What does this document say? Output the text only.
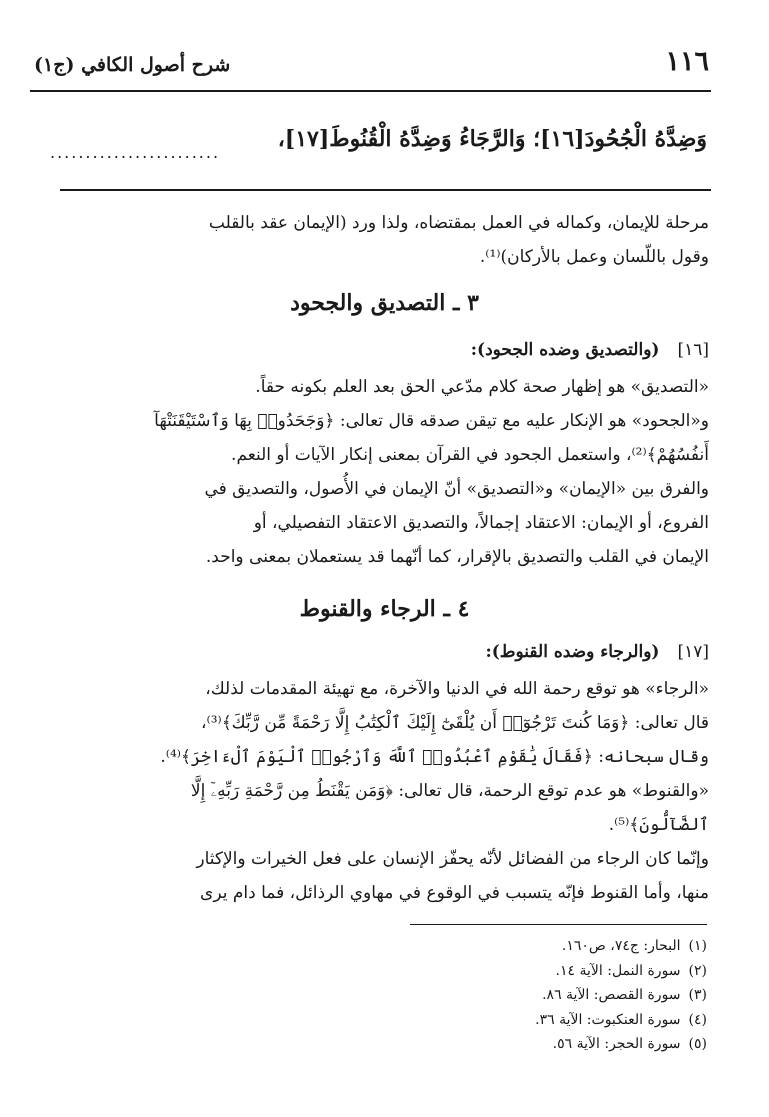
١١٦
شرح أصول الكافي (ج١)
وَضِدَّهُ الْجُحُودَ[١٦]؛ وَالرَّجَاءُ وَضِدَّهُ الْقُنُوطَ[١٧]،
........................
مرحلة للإيمان، وكماله في العمل بمقتضاه، ولذا ورد (الإيمان عقد بالقلب
وقول باللّسان وعمل بالأركان)⁽¹⁾.
٣ ـ التصديق والجحود
[١٦](والتصديق وضده الجحود):
«التصديق» هو إظهار صحة كلام مدّعي الحق بعد العلم بكونه حقاً.
و«الجحود» هو الإنكار عليه مع تيقن صدقه قال تعالى: ﴿وَجَحَدُوا۟ بِهَا وَٱسْتَيْقَنَتْهَآ
أَنفُسُهُمْ﴾⁽²⁾، واستعمل الجحود في القرآن بمعنى إنكار الآيات أو النعم.
والفرق بين «الإيمان» و«التصديق» أنّ الإيمان في الأُصول، والتصديق في
الفروع، أو الإيمان: الاعتقاد إجمالاً، والتصديق الاعتقاد التفصيلي، أو
الإيمان في القلب والتصديق بالإقرار، كما أنّهما قد يستعملان بمعنى واحد.
٤ ـ الرجاء والقنوط
[١٧](والرجاء وضده القنوط):
«الرجاء» هو توقع رحمة الله في الدنيا والآخرة، مع تهيئة المقدمات لذلك،
قال تعالى: ﴿وَمَا كُنتَ تَرْجُوٓا۟ أَن يُلْقَىٰٓ إِلَيْكَ ٱلْكِتَٰبُ إِلَّا رَحْمَةً مِّن رَّبِّكَ﴾⁽³⁾،
وقال سبحانه: ﴿فَقَالَ يَٰقَوْمِ ٱعْبُدُوا۟ ٱللَّهَ وَٱرْجُوا۟ ٱلْيَوْمَ ٱلْءَاخِرَ﴾⁽⁴⁾.
«والقنوط» هو عدم توقع الرحمة، قال تعالى: ﴿وَمَن يَقْنَطُ مِن رَّحْمَةِ رَبِّهِۦٓ إِلَّا
ٱلضَّآلُّونَ﴾⁽⁵⁾.
وإنّما كان الرجاء من الفضائل لأنّه يحفّز الإنسان على فعل الخيرات والإكثار
منها، وأما القنوط فإنّه يتسبب في الوقوع في مهاوي الرذائل، فما دام يرى
(١)البحار: ج٧٤، ص١٦٠.
(٢)سورة النمل: الآية ١٤.
(٣)سورة القصص: الآية ٨٦.
(٤)سورة العنكبوت: الآية ٣٦.
(٥)سورة الحجر: الآية ٥٦.
